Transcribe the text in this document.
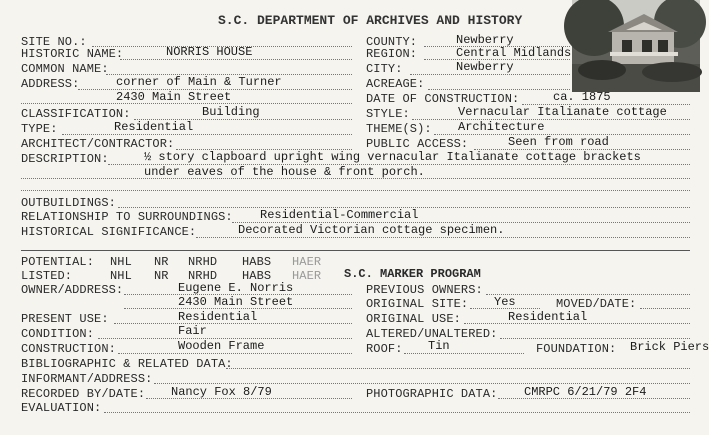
S.C. DEPARTMENT OF ARCHIVES AND HISTORY
SITE NO.:
HISTORIC NAME:	NORRIS HOUSE
COMMON NAME:
ADDRESS:	corner of Main & Turner
2430 Main Street
CLASSIFICATION:	Building
TYPE:	Residential
ARCHITECT/CONTRACTOR:
COUNTY:	Newberry
REGION:	Central Midlands
CITY:	Newberry
ACREAGE:
DATE OF CONSTRUCTION:	ca. 1875
STYLE:	Vernacular Italianate cottage
THEME(S): Architecture
PUBLIC ACCESS:	Seen from road
DESCRIPTION:	½ story clapboard upright wing vernacular Italianate cottage brackets
under eaves of the house & front porch.
OUTBUILDINGS:
RELATIONSHIP TO SURROUNDINGS: Residential-Commercial
HISTORICAL SIGNIFICANCE:	Decorated Victorian cottage specimen.
POTENTIAL: NHL NR NRHD HABS HAER
LISTED:	NHL NR NRHD HABS HAER
OWNER/ADDRESS:	Eugene E. Norris
2430 Main Street
PRESENT USE:	Residential
CONDITION:	Fair
CONSTRUCTION:	Wooden Frame
BIBLIOGRAPHIC & RELATED DATA:
INFORMANT/ADDRESS:
RECORDED BY/DATE: Nancy Fox 8/79
EVALUATION:
S.C. MARKER PROGRAM
PREVIOUS OWNERS:
ORIGINAL SITE: Yes	MOVED/DATE:
ORIGINAL USE:	Residential
ALTERED/UNALTERED:
ROOF: Tin	FOUNDATION: Brick Piers
PHOTOGRAPHIC DATA: CMRPC 6/21/79 2F4
